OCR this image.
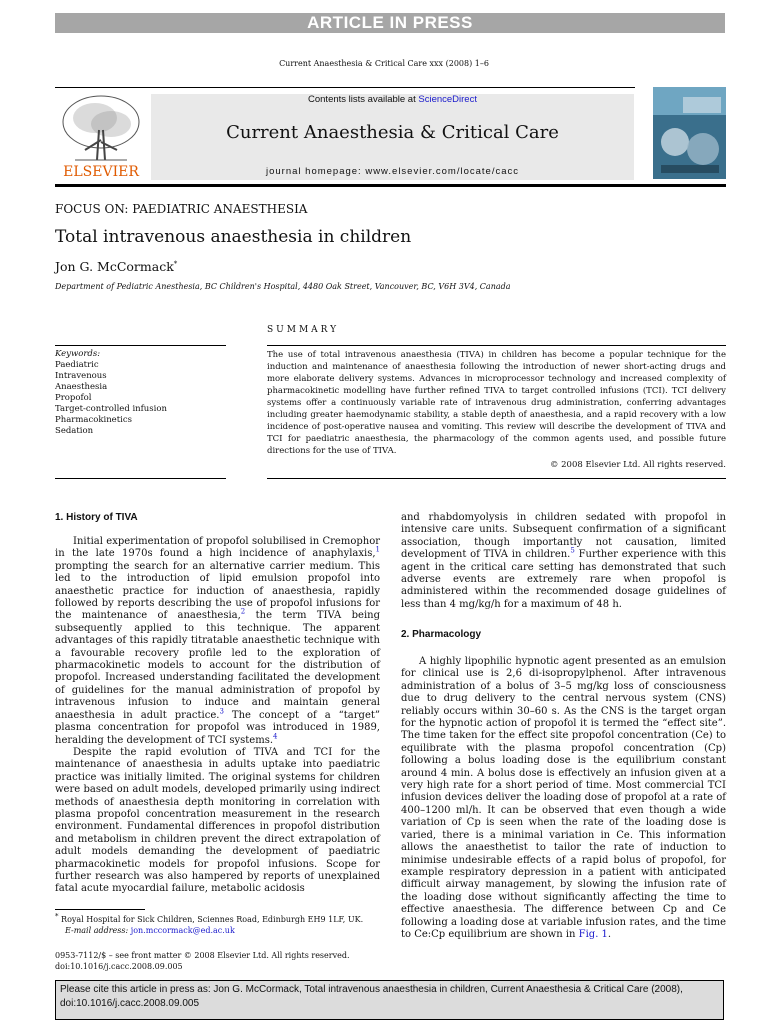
ARTICLE IN PRESS
Current Anaesthesia & Critical Care xxx (2008) 1–6
ELSEVIER
Contents lists available at ScienceDirect
Current Anaesthesia & Critical Care
journal homepage: www.elsevier.com/locate/cacc
FOCUS ON: PAEDIATRIC ANAESTHESIA
Total intravenous anaesthesia in children
Jon G. McCormack*
Department of Pediatric Anesthesia, BC Children's Hospital, 4480 Oak Street, Vancouver, BC, V6H 3V4, Canada
SUMMARY
Keywords:
Paediatric
Intravenous
Anaesthesia
Propofol
Target-controlled infusion
Pharmacokinetics
Sedation
The use of total intravenous anaesthesia (TIVA) in children has become a popular technique for the induction and maintenance of anaesthesia following the introduction of newer short-acting drugs and more elaborate delivery systems. Advances in microprocessor technology and increased complexity of pharmacokinetic modelling have further refined TIVA to target controlled infusions (TCI). TCI delivery systems offer a continuously variable rate of intravenous drug administration, conferring advantages including greater haemodynamic stability, a stable depth of anaesthesia, and a rapid recovery with a low incidence of post-operative nausea and vomiting. This review will describe the development of TIVA and TCI for paediatric anaesthesia, the pharmacology of the common agents used, and possible future directions for the use of TIVA.
© 2008 Elsevier Ltd. All rights reserved.
1. History of TIVA

Initial experimentation of propofol solubilised in Cremophor in the late 1970s found a high incidence of anaphylaxis,$^1$ prompting the search for an alternative carrier medium. This led to the introduction of lipid emulsion propofol into anaesthetic practice for induction of anaesthesia, rapidly followed by reports describing the use of propofol infusions for the maintenance of anaesthesia,$^2$ the term TIVA being subsequently applied to this technique. The apparent advantages of this rapidly titratable anaesthetic technique with a favourable recovery profile led to the exploration of pharmacokinetic models to account for the distribution of propofol. Increased understanding facilitated the development of guidelines for the manual administration of propofol by intravenous infusion to induce and maintain general anaesthesia in adult practice.$^3$ The concept of a “target” plasma concentration for propofol was introduced in 1989, heralding the development of TCI systems.$^4$

Despite the rapid evolution of TIVA and TCI for the maintenance of anaesthesia in adults uptake into paediatric practice was initially limited. The original systems for children were based on adult models, developed primarily using indirect methods of anaesthesia depth monitoring in correlation with plasma propofol concentration measurement in the research environment. Fundamental differences in propofol distribution and metabolism in children prevent the direct extrapolation of adult models demanding the development of paediatric pharmacokinetic models for propofol infusions. Scope for further research was also hampered by reports of unexplained fatal acute myocardial failure, metabolic acidosis

* Royal Hospital for Sick Children, Sciennes Road, Edinburgh EH9 1LF, UK.
E-mail address: jon.mccormack@ed.ac.uk
0953-7112/$ – see front matter © 2008 Elsevier Ltd. All rights reserved.
doi:10.1016/j.cacc.2008.09.005

and rhabdomyolysis in children sedated with propofol in intensive care units. Subsequent confirmation of a significant association, though importantly not causation, limited development of TIVA in children.$^5$ Further experience with this agent in the critical care setting has demonstrated that such adverse events are extremely rare when propofol is administered within the recommended dosage guidelines of less than 4 mg/kg/h for a maximum of 48 h.

2. Pharmacology

A highly lipophilic hypnotic agent presented as an emulsion for clinical use is 2,6 di-isopropylphenol. After intravenous administration of a bolus of 3–5 mg/kg loss of consciousness due to drug delivery to the central nervous system (CNS) reliably occurs within 30–60 s. As the CNS is the target organ for the hypnotic action of propofol it is termed the “effect site”. The time taken for the effect site propofol concentration (Ce) to equilibrate with the plasma propofol concentration (Cp) following a bolus loading dose is the equilibrium constant around 4 min. A bolus dose is effectively an infusion given at a very high rate for a short period of time. Most commercial TCI infusion devices deliver the loading dose of propofol at a rate of 400–1200 ml/h. It can be observed that even though a wide variation of Cp is seen when the rate of the loading dose is varied, there is a minimal variation in Ce. This information allows the anaesthetist to tailor the rate of induction to minimise undesirable effects of a rapid bolus of propofol, for example respiratory depression in a patient with anticipated difficult airway management, by slowing the infusion rate of the loading dose without significantly affecting the time to effective anaesthesia. The difference between Cp and Ce following a loading dose at variable infusion rates, and the time to Ce:Cp equilibrium are shown in Fig. 1.

Please cite this article in press as: Jon G. McCormack, Total intravenous anaesthesia in children, Current Anaesthesia & Critical Care (2008), doi:10.1016/j.cacc.2008.09.005
